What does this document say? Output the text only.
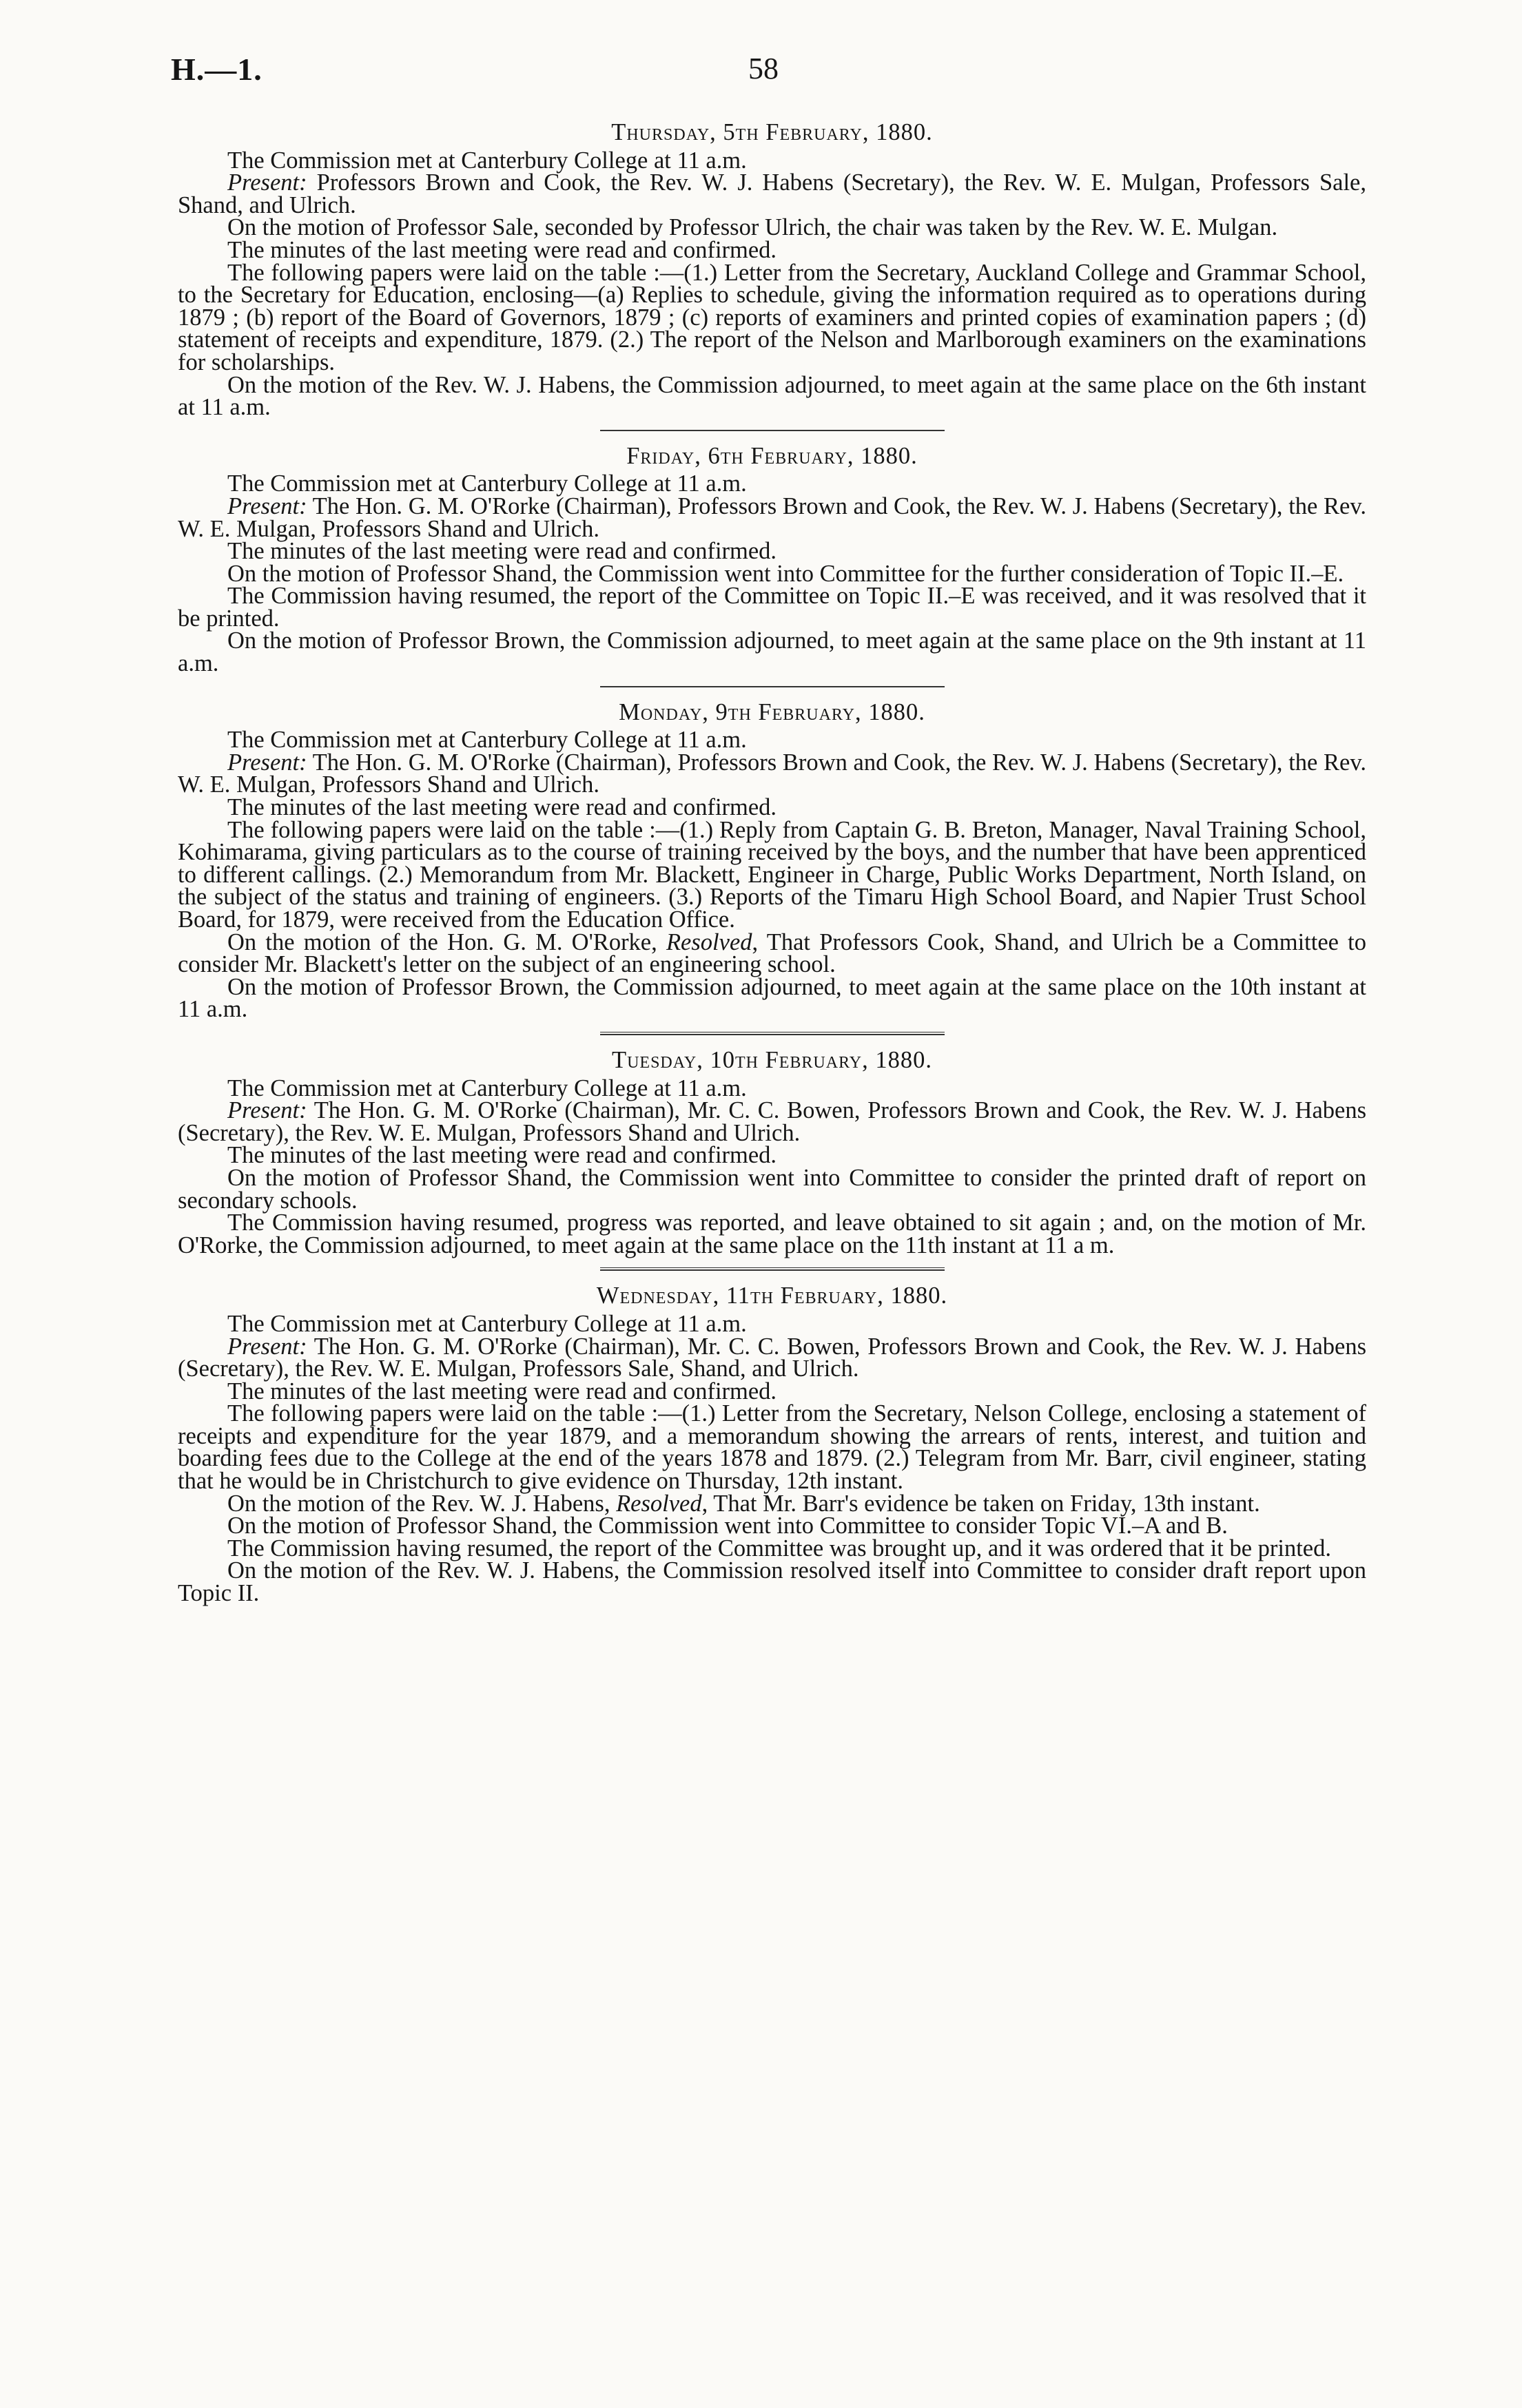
H.—1.	58
Thursday, 5th February, 1880.

The Commission met at Canterbury College at 11 a.m.

Present: Professors Brown and Cook, the Rev. W. J. Habens (Secretary), the Rev. W. E. Mulgan, Professors Sale, Shand, and Ulrich.

On the motion of Professor Sale, seconded by Professor Ulrich, the chair was taken by the Rev. W. E. Mulgan.

The minutes of the last meeting were read and confirmed.

The following papers were laid on the table :—(1.) Letter from the Secretary, Auckland College and Grammar School, to the Secretary for Education, enclosing—(a) Replies to schedule, giving the information required as to operations during 1879 ; (b) report of the Board of Governors, 1879 ; (c) reports of examiners and printed copies of examination papers ; (d) statement of receipts and expenditure, 1879. (2.) The report of the Nelson and Marlborough examiners on the examinations for scholarships.

On the motion of the Rev. W. J. Habens, the Commission adjourned, to meet again at the same place on the 6th instant at 11 a.m.

Friday, 6th February, 1880.

The Commission met at Canterbury College at 11 a.m.

Present: The Hon. G. M. O'Rorke (Chairman), Professors Brown and Cook, the Rev. W. J. Habens (Secretary), the Rev. W. E. Mulgan, Professors Shand and Ulrich.

The minutes of the last meeting were read and confirmed.

On the motion of Professor Shand, the Commission went into Committee for the further consideration of Topic II.–E.

The Commission having resumed, the report of the Committee on Topic II.–E was received, and it was resolved that it be printed.

On the motion of Professor Brown, the Commission adjourned, to meet again at the same place on the 9th instant at 11 a.m.

Monday, 9th February, 1880.

The Commission met at Canterbury College at 11 a.m.

Present: The Hon. G. M. O'Rorke (Chairman), Professors Brown and Cook, the Rev. W. J. Habens (Secretary), the Rev. W. E. Mulgan, Professors Shand and Ulrich.

The minutes of the last meeting were read and confirmed.

The following papers were laid on the table :—(1.) Reply from Captain G. B. Breton, Manager, Naval Training School, Kohimarama, giving particulars as to the course of training received by the boys, and the number that have been apprenticed to different callings. (2.) Memorandum from Mr. Blackett, Engineer in Charge, Public Works Department, North Island, on the subject of the status and training of engineers. (3.) Reports of the Timaru High School Board, and Napier Trust School Board, for 1879, were received from the Education Office.

On the motion of the Hon. G. M. O'Rorke, Resolved, That Professors Cook, Shand, and Ulrich be a Committee to consider Mr. Blackett's letter on the subject of an engineering school.

On the motion of Professor Brown, the Commission adjourned, to meet again at the same place on the 10th instant at 11 a.m.

Tuesday, 10th February, 1880.

The Commission met at Canterbury College at 11 a.m.

Present: The Hon. G. M. O'Rorke (Chairman), Mr. C. C. Bowen, Professors Brown and Cook, the Rev. W. J. Habens (Secretary), the Rev. W. E. Mulgan, Professors Shand and Ulrich.

The minutes of the last meeting were read and confirmed.

On the motion of Professor Shand, the Commission went into Committee to consider the printed draft of report on secondary schools.

The Commission having resumed, progress was reported, and leave obtained to sit again ; and, on the motion of Mr. O'Rorke, the Commission adjourned, to meet again at the same place on the 11th instant at 11 a m.

Wednesday, 11th February, 1880.

The Commission met at Canterbury College at 11 a.m.

Present: The Hon. G. M. O'Rorke (Chairman), Mr. C. C. Bowen, Professors Brown and Cook, the Rev. W. J. Habens (Secretary), the Rev. W. E. Mulgan, Professors Sale, Shand, and Ulrich.

The minutes of the last meeting were read and confirmed.

The following papers were laid on the table :—(1.) Letter from the Secretary, Nelson College, enclosing a statement of receipts and expenditure for the year 1879, and a memorandum showing the arrears of rents, interest, and tuition and boarding fees due to the College at the end of the years 1878 and 1879. (2.) Telegram from Mr. Barr, civil engineer, stating that he would be in Christchurch to give evidence on Thursday, 12th instant.

On the motion of the Rev. W. J. Habens, Resolved, That Mr. Barr's evidence be taken on Friday, 13th instant.

On the motion of Professor Shand, the Commission went into Committee to consider Topic VI.–A and B.

The Commission having resumed, the report of the Committee was brought up, and it was ordered that it be printed.

On the motion of the Rev. W. J. Habens, the Commission resolved itself into Committee to consider draft report upon Topic II.
